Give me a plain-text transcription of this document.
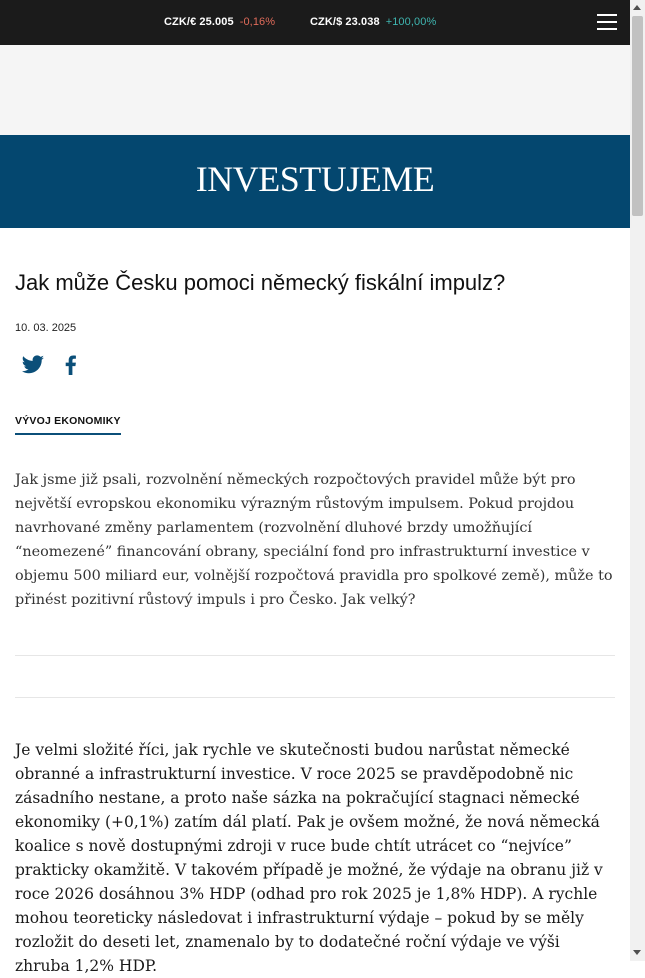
CZK/€ 25.005 -0,16%	CZK/$ 23.038 +100,00%
INVESTUJEME
Jak může Česku pomoci německý fiskální impulz?
10. 03. 2025
VÝVOJ EKONOMIKY

Jak jsme již psali, rozvolnění německých rozpočtových pravidel může být pro největší evropskou ekonomiku výrazným růstovým impulsem. Pokud projdou navrhované změny parlamentem (rozvolnění dluhové brzdy umožňující “neomezené” financování obrany, speciální fond pro infrastrukturní investice v objemu 500 miliard eur, volnější rozpočtová pravidla pro spolkové země), může to přinést pozitivní růstový impuls i pro Česko. Jak velký?

Je velmi složité říci, jak rychle ve skutečnosti budou narůstat německé obranné a infrastrukturní investice. V roce 2025 se pravděpodobně nic zásadního nestane, a proto naše sázka na pokračující stagnaci německé ekonomiky (+0,1%) zatím dál platí. Pak je ovšem možné, že nová německá koalice s nově dostupnými zdroji v ruce bude chtít utrácet co “nejvíce” prakticky okamžitě. V takovém případě je možné, že výdaje na obranu již v roce 2026 dosáhnou 3% HDP (odhad pro rok 2025 je 1,8% HDP). A rychle mohou teoreticky následovat i infrastrukturní výdaje – pokud by se měly rozložit do deseti let, znamenalo by to dodatečné roční výdaje ve výši zhruba 1,2% HDP.
